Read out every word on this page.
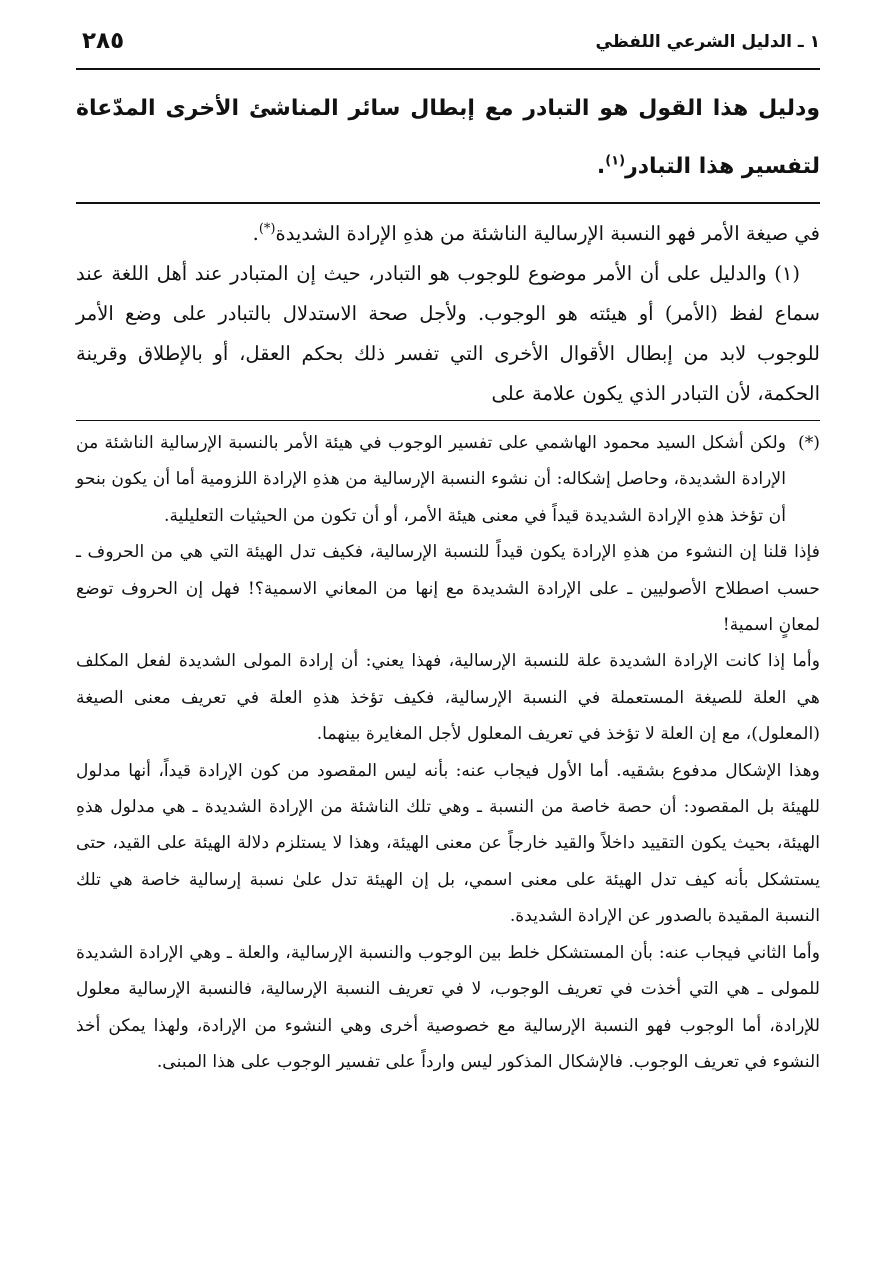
١ ـ الدليل الشرعي اللفظي
٢٨٥
ودليل هذا القول هو التبادر مع إبطال سائر المناشئ الأخرى المدّعاة لتفسير هذا التبادر$^{(١)}$.

في صيغة الأمر فهو النسبة الإرسالية الناشئة من هذهِ الإرادة الشديدة(*).

(١) والدليل على أن الأمر موضوع للوجوب هو التبادر، حيث إن المتبادر عند أهل اللغة عند سماع لفظ (الأمر) أو هيئته هو الوجوب. ولأجل صحة الاستدلال بالتبادر على وضع الأمر للوجوب لابد من إبطال الأقوال الأخرى التي تفسر ذلك بحكم العقل، أو بالإطلاق وقرينة الحكمة، لأن التبادر الذي يكون علامة على

(*)
ولكن أشكل السيد محمود الهاشمي على تفسير الوجوب في هيئة الأمر بالنسبة الإرسالية الناشئة من الإرادة الشديدة، وحاصل إشكاله: أن نشوء النسبة الإرسالية من هذهِ الإرادة اللزومية أما أن يكون بنحو أن تؤخذ هذهِ الإرادة الشديدة قيداً في معنى هيئة الأمر، أو أن تكون من الحيثيات التعليلية.

فإذا قلنا إن النشوء من هذهِ الإرادة يكون قيداً للنسبة الإرسالية، فكيف تدل الهيئة التي هي من الحروف ـ حسب اصطلاح الأصوليين ـ على الإرادة الشديدة مع إنها من المعاني الاسمية؟! فهل إن الحروف توضع لمعانٍ اسمية!

وأما إذا كانت الإرادة الشديدة علة للنسبة الإرسالية، فهذا يعني: أن إرادة المولى الشديدة لفعل المكلف هي العلة للصيغة المستعملة في النسبة الإرسالية، فكيف تؤخذ هذهِ العلة في تعريف معنى الصيغة (المعلول)، مع إن العلة لا تؤخذ في تعريف المعلول لأجل المغايرة بينهما.

وهذا الإشكال مدفوع بشقيه. أما الأول فيجاب عنه: بأنه ليس المقصود من كون الإرادة قيداً، أنها مدلول للهيئة بل المقصود: أن حصة خاصة من النسبة ـ وهي تلك الناشئة من الإرادة الشديدة ـ هي مدلول هذهِ الهيئة، بحيث يكون التقييد داخلاً والقيد خارجاً عن معنى الهيئة، وهذا لا يستلزم دلالة الهيئة على القيد، حتى يستشكل بأنه كيف تدل الهيئة على معنى اسمي، بل إن الهيئة تدل علىٰ نسبة إرسالية خاصة هي تلك النسبة المقيدة بالصدور عن الإرادة الشديدة.

وأما الثاني فيجاب عنه: بأن المستشكل خلط بين الوجوب والنسبة الإرسالية، والعلة ـ وهي الإرادة الشديدة للمولى ـ هي التي أخذت في تعريف الوجوب، لا في تعريف النسبة الإرسالية، فالنسبة الإرسالية معلول للإرادة، أما الوجوب فهو النسبة الإرسالية مع خصوصية أخرى وهي النشوء من الإرادة، ولهذا يمكن أخذ النشوء في تعريف الوجوب. فالإشكال المذكور ليس وارداً على تفسير الوجوب على هذا المبنى.
